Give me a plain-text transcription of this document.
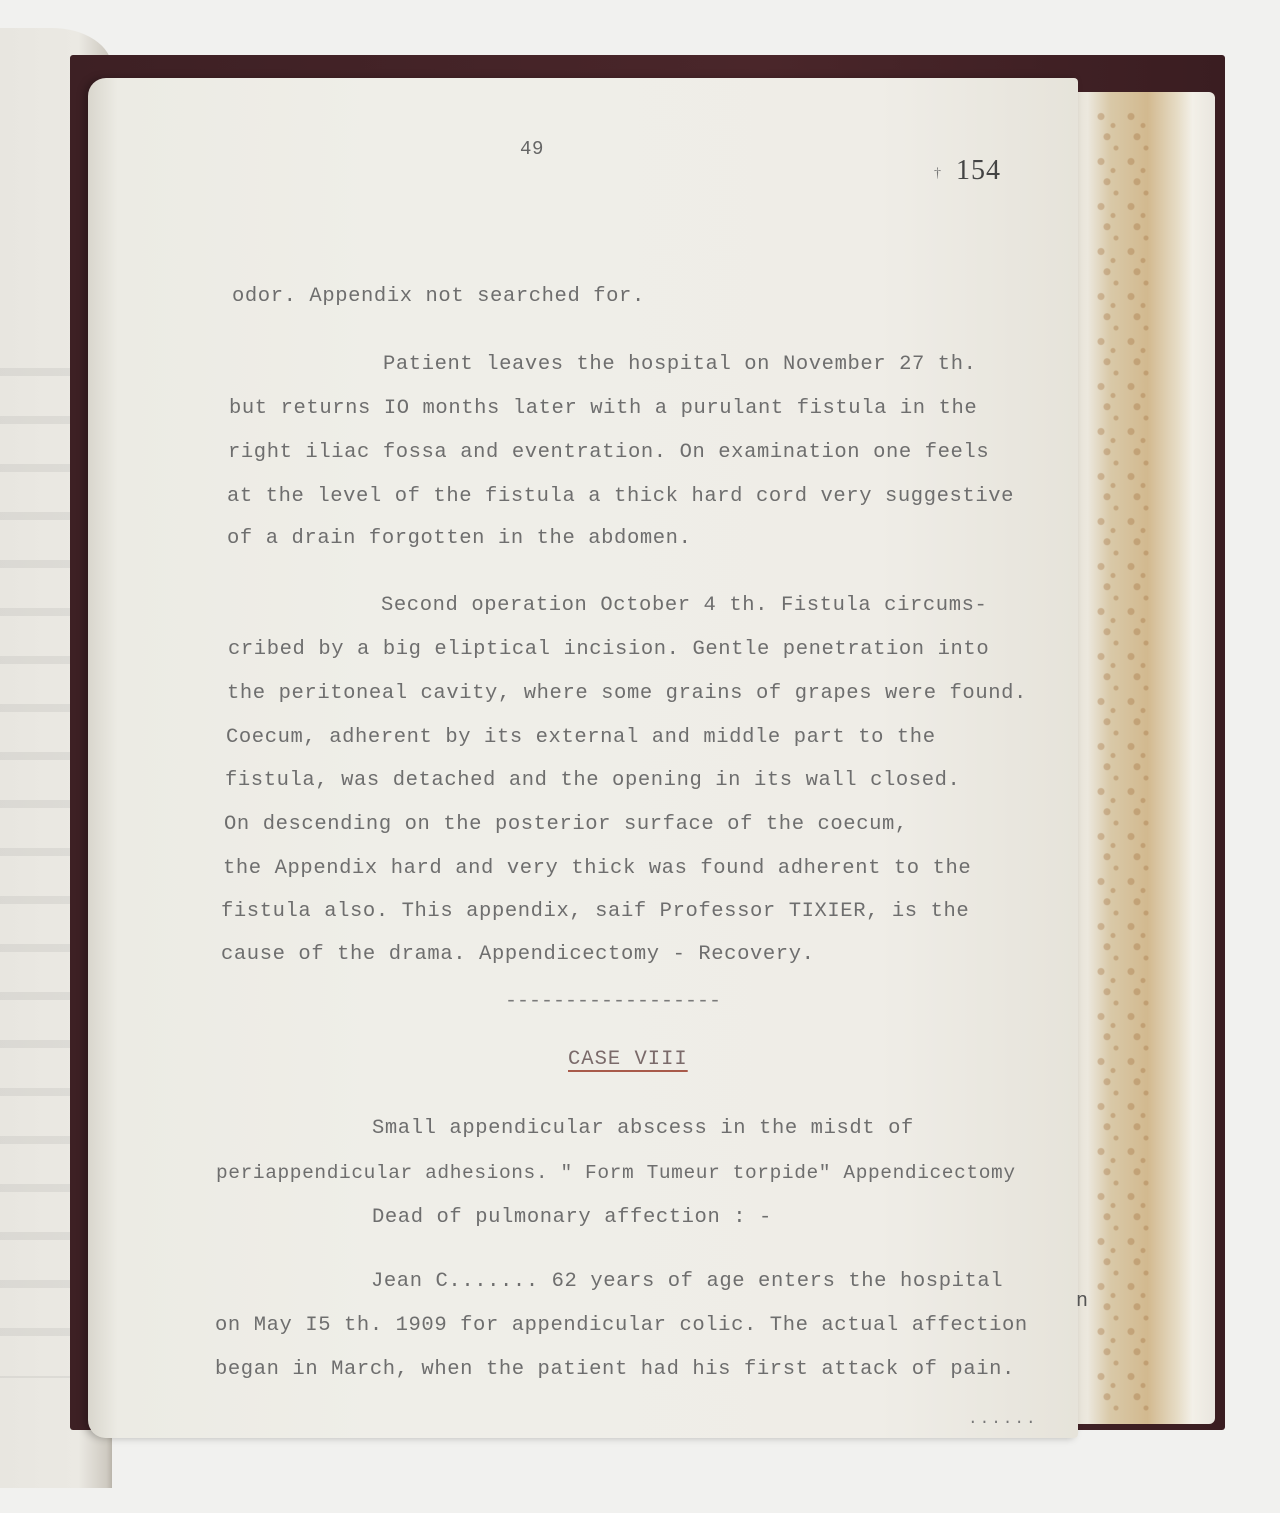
49
† 154
odor. Appendix not searched for.
Patient leaves the hospital on November 27 th.
but returns IO months later with a purulant fistula in the
right iliac fossa and eventration. On examination one feels
at the level of the fistula a thick hard cord very suggestive
of a drain forgotten in the abdomen.
Second operation October 4 th. Fistula circums-
cribed by a big eliptical incision. Gentle penetration into
the peritoneal cavity, where some grains of grapes were found.
Coecum, adherent by its external and middle part to the
fistula, was detached and the opening in its wall closed.
On descending on the posterior surface of the coecum,
the Appendix hard and very thick was found adherent to the
fistula also. This appendix, saif Professor TIXIER, is the
cause of the drama. Appendicectomy - Recovery.
------------------
CASE VIII
Small appendicular abscess in the misdt of
periappendicular adhesions. " Form Tumeur torpide" Appendicectomy
Dead of pulmonary affection : -
Jean C....... 62 years of age enters the hospital
on May I5 th. 1909 for appendicular colic. The actual affection
began in March, when the patient had his first attack of pain.
......
n
